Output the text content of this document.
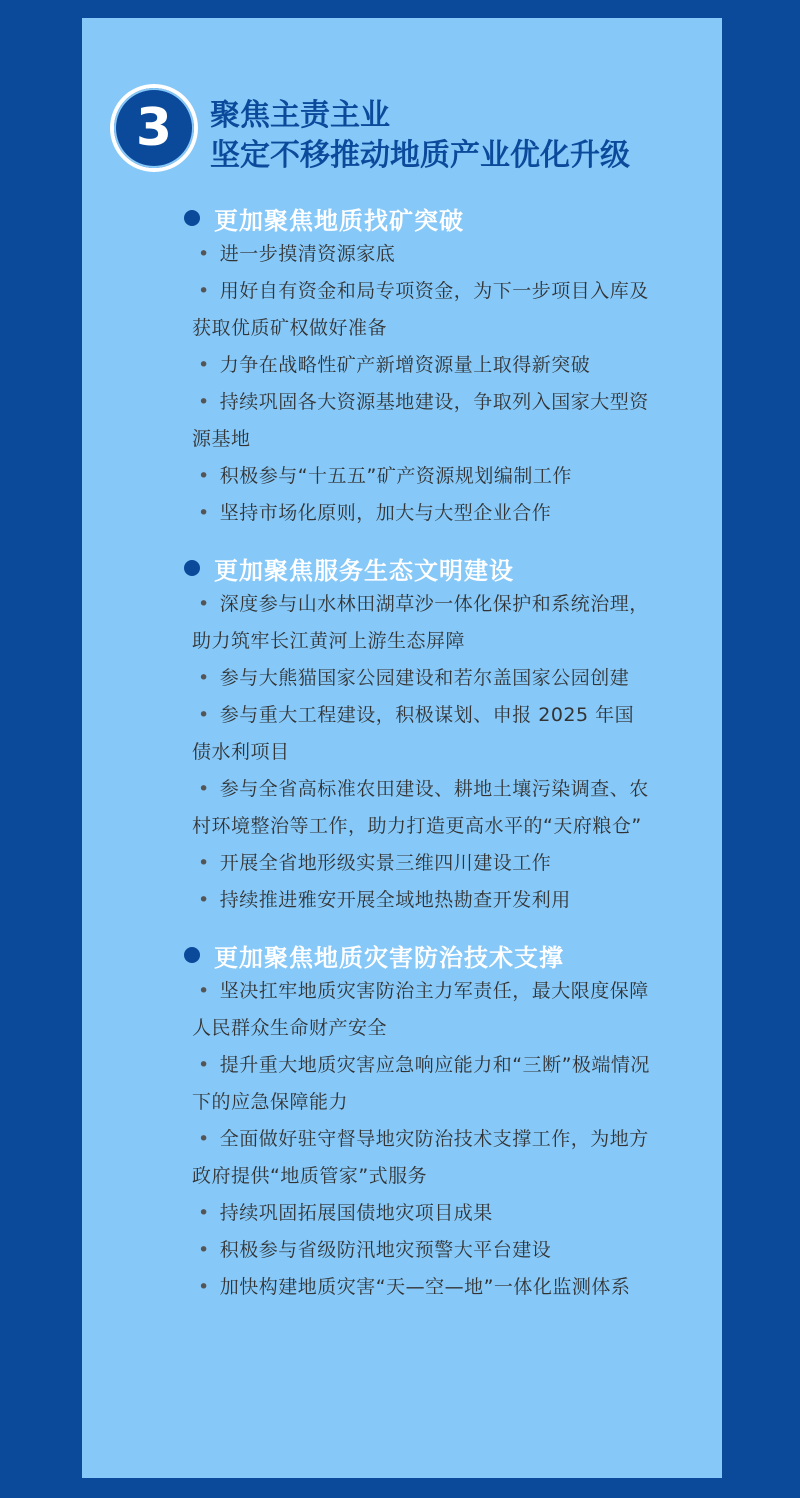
3 聚焦主责主业
坚定不移推动地质产业优化升级
更加聚焦地质找矿突破
• 进一步摸清资源家底
• 用好自有资金和局专项资金，为下一步项目入库及获取优质矿权做好准备
• 力争在战略性矿产新增资源量上取得新突破
• 持续巩固各大资源基地建设，争取列入国家大型资源基地
• 积极参与“十五五”矿产资源规划编制工作
• 坚持市场化原则，加大与大型企业合作
更加聚焦服务生态文明建设
• 深度参与山水林田湖草沙一体化保护和系统治理，助力筑牢长江黄河上游生态屏障
• 参与大熊猫国家公园建设和若尔盖国家公园创建
• 参与重大工程建设，积极谋划、申报 2025 年国债水利项目
• 参与全省高标准农田建设、耕地土壤污染调查、农村环境整治等工作，助力打造更高水平的“天府粮仓”
• 开展全省地形级实景三维四川建设工作
• 持续推进雅安开展全域地热勘查开发利用
更加聚焦地质灾害防治技术支撑
• 坚决扛牢地质灾害防治主力军责任，最大限度保障人民群众生命财产安全
• 提升重大地质灾害应急响应能力和“三断”极端情况下的应急保障能力
• 全面做好驻守督导地灾防治技术支撑工作，为地方政府提供“地质管家”式服务
• 持续巩固拓展国债地灾项目成果
• 积极参与省级防汛地灾预警大平台建设
• 加快构建地质灾害“天—空—地”一体化监测体系
